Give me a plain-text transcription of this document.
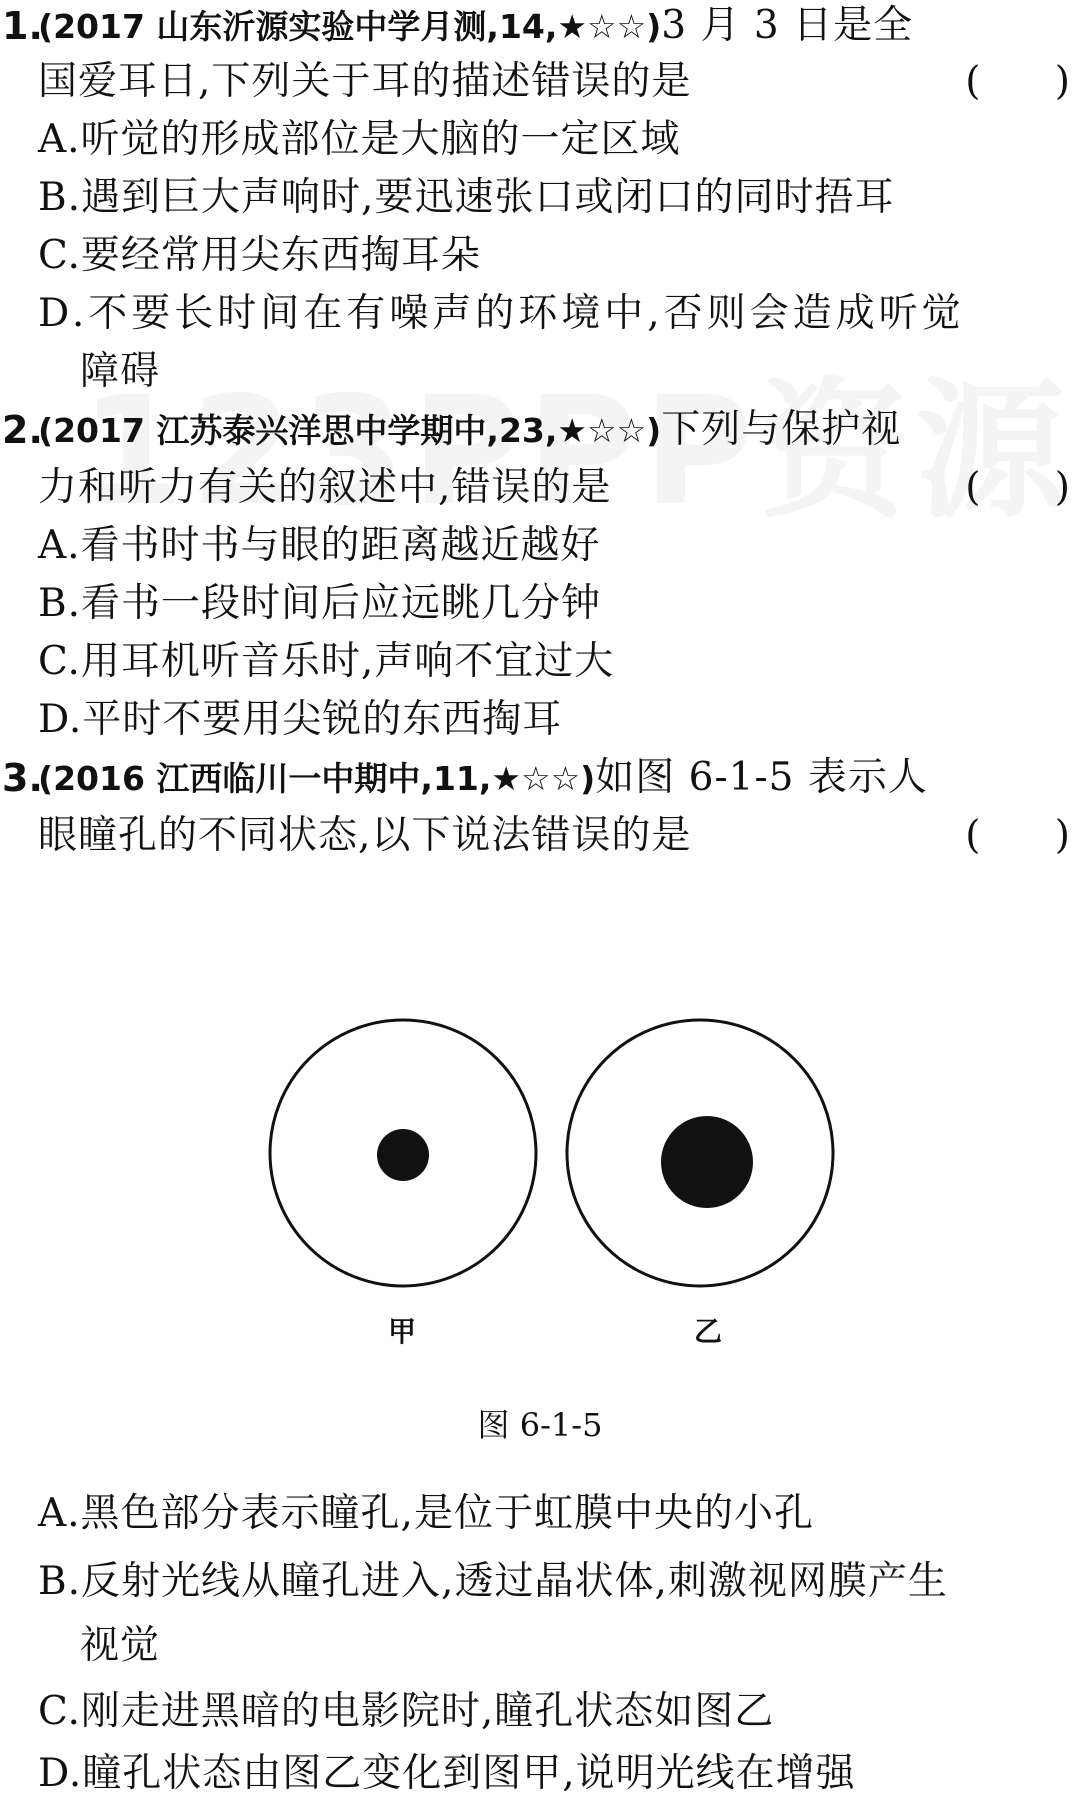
1.
(2017 山东沂源实验中学月测,14,★☆☆)3 月 3 日是全
国爱耳日,下列关于耳的描述错误的是	(      )
A.听觉的形成部位是大脑的一定区域
B.遇到巨大声响时,要迅速张口或闭口的同时捂耳
C.要经常用尖东西掏耳朵
D.不要长时间在有噪声的环境中,否则会造成听觉
障碍
2.
(2017 江苏泰兴洋思中学期中,23,★☆☆)下列与保护视
力和听力有关的叙述中,错误的是	(      )
A.看书时书与眼的距离越近越好
B.看书一段时间后应远眺几分钟
C.用耳机听音乐时,声响不宜过大
D.平时不要用尖锐的东西掏耳
3.
(2016 江西临川一中期中,11,★☆☆)如图 6-1-5 表示人
眼瞳孔的不同状态,以下说法错误的是	(      )
甲	乙
图 6-1-5
A.黑色部分表示瞳孔,是位于虹膜中央的小孔
B.反射光线从瞳孔进入,透过晶状体,刺激视网膜产生
视觉
C.刚走进黑暗的电影院时,瞳孔状态如图乙
D.瞳孔状态由图乙变化到图甲,说明光线在增强
